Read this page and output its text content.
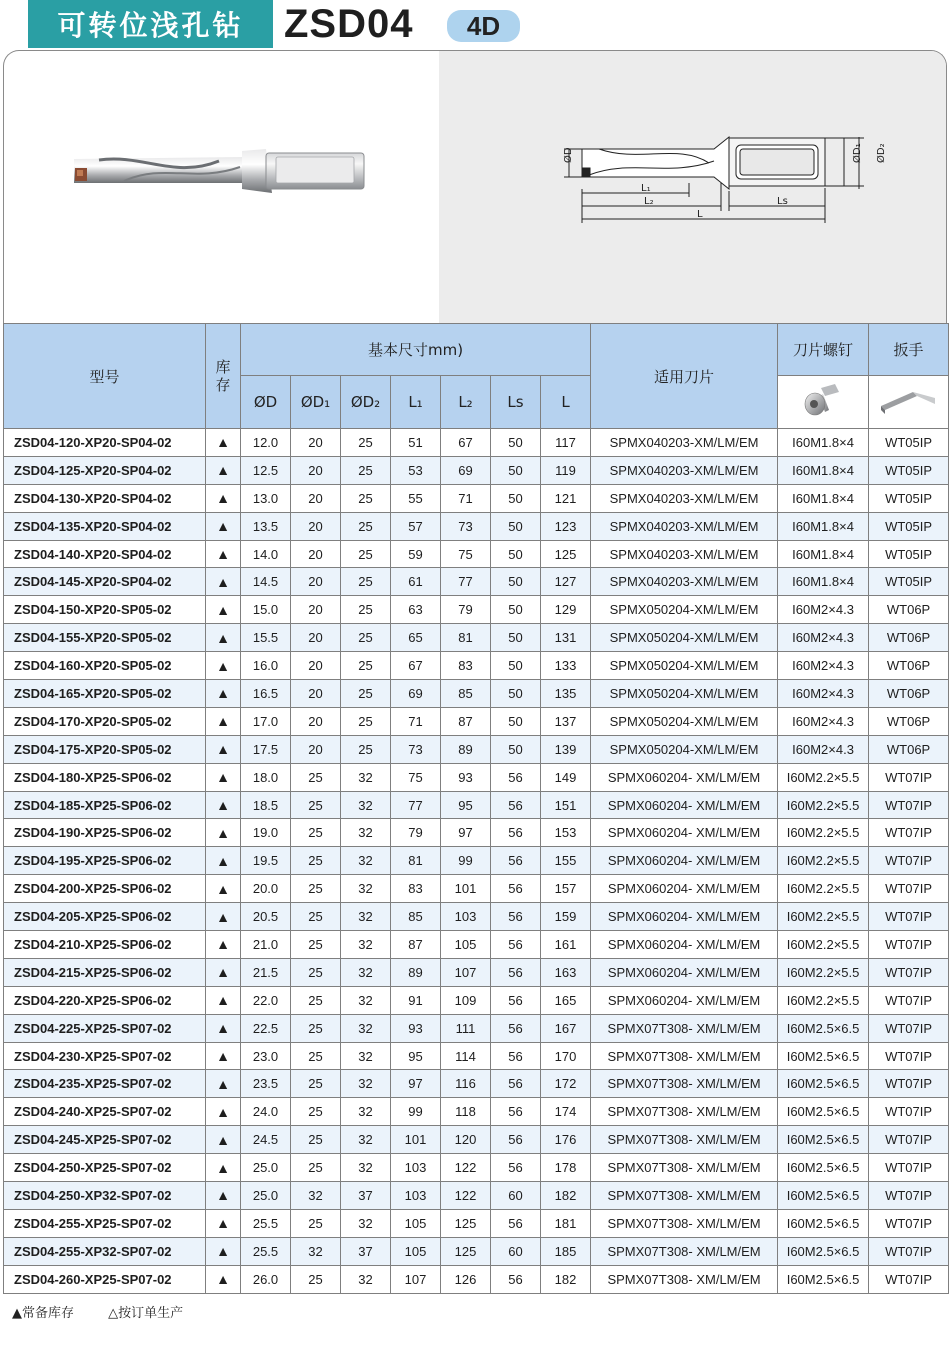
可转位浅孔钻	ZSD04	4D
ØD
L₁
L₂	Ls
L
ØD₁ ØD₂
型号	库存	基本尺寸mm)							适用刀片	刀片螺钉	扳手
		ØD	ØD₁	ØD₂	L₁	L₂	Ls	L		
ZSD04-120-XP20-SP04-02	▲	12.0	20	25	51	67	50	117	SPMX040203-XM/LM/EM	I60M1.8×4	WT05IP
ZSD04-125-XP20-SP04-02	▲	12.5	20	25	53	69	50	119	SPMX040203-XM/LM/EM	I60M1.8×4	WT05IP
ZSD04-130-XP20-SP04-02	▲	13.0	20	25	55	71	50	121	SPMX040203-XM/LM/EM	I60M1.8×4	WT05IP
ZSD04-135-XP20-SP04-02	▲	13.5	20	25	57	73	50	123	SPMX040203-XM/LM/EM	I60M1.8×4	WT05IP
ZSD04-140-XP20-SP04-02	▲	14.0	20	25	59	75	50	125	SPMX040203-XM/LM/EM	I60M1.8×4	WT05IP
ZSD04-145-XP20-SP04-02	▲	14.5	20	25	61	77	50	127	SPMX040203-XM/LM/EM	I60M1.8×4	WT05IP
ZSD04-150-XP20-SP05-02	▲	15.0	20	25	63	79	50	129	SPMX050204-XM/LM/EM	I60M2×4.3	WT06P
ZSD04-155-XP20-SP05-02	▲	15.5	20	25	65	81	50	131	SPMX050204-XM/LM/EM	I60M2×4.3	WT06P
ZSD04-160-XP20-SP05-02	▲	16.0	20	25	67	83	50	133	SPMX050204-XM/LM/EM	I60M2×4.3	WT06P
ZSD04-165-XP20-SP05-02	▲	16.5	20	25	69	85	50	135	SPMX050204-XM/LM/EM	I60M2×4.3	WT06P
ZSD04-170-XP20-SP05-02	▲	17.0	20	25	71	87	50	137	SPMX050204-XM/LM/EM	I60M2×4.3	WT06P
ZSD04-175-XP20-SP05-02	▲	17.5	20	25	73	89	50	139	SPMX050204-XM/LM/EM	I60M2×4.3	WT06P
ZSD04-180-XP25-SP06-02	▲	18.0	25	32	75	93	56	149	SPMX060204- XM/LM/EM	I60M2.2×5.5	WT07IP
ZSD04-185-XP25-SP06-02	▲	18.5	25	32	77	95	56	151	SPMX060204- XM/LM/EM	I60M2.2×5.5	WT07IP
ZSD04-190-XP25-SP06-02	▲	19.0	25	32	79	97	56	153	SPMX060204- XM/LM/EM	I60M2.2×5.5	WT07IP
ZSD04-195-XP25-SP06-02	▲	19.5	25	32	81	99	56	155	SPMX060204- XM/LM/EM	I60M2.2×5.5	WT07IP
ZSD04-200-XP25-SP06-02	▲	20.0	25	32	83	101	56	157	SPMX060204- XM/LM/EM	I60M2.2×5.5	WT07IP
ZSD04-205-XP25-SP06-02	▲	20.5	25	32	85	103	56	159	SPMX060204- XM/LM/EM	I60M2.2×5.5	WT07IP
ZSD04-210-XP25-SP06-02	▲	21.0	25	32	87	105	56	161	SPMX060204- XM/LM/EM	I60M2.2×5.5	WT07IP
ZSD04-215-XP25-SP06-02	▲	21.5	25	32	89	107	56	163	SPMX060204- XM/LM/EM	I60M2.2×5.5	WT07IP
ZSD04-220-XP25-SP06-02	▲	22.0	25	32	91	109	56	165	SPMX060204- XM/LM/EM	I60M2.2×5.5	WT07IP
ZSD04-225-XP25-SP07-02	▲	22.5	25	32	93	111	56	167	SPMX07T308- XM/LM/EM	I60M2.5×6.5	WT07IP
ZSD04-230-XP25-SP07-02	▲	23.0	25	32	95	114	56	170	SPMX07T308- XM/LM/EM	I60M2.5×6.5	WT07IP
ZSD04-235-XP25-SP07-02	▲	23.5	25	32	97	116	56	172	SPMX07T308- XM/LM/EM	I60M2.5×6.5	WT07IP
ZSD04-240-XP25-SP07-02	▲	24.0	25	32	99	118	56	174	SPMX07T308- XM/LM/EM	I60M2.5×6.5	WT07IP
ZSD04-245-XP25-SP07-02	▲	24.5	25	32	101	120	56	176	SPMX07T308- XM/LM/EM	I60M2.5×6.5	WT07IP
ZSD04-250-XP25-SP07-02	▲	25.0	25	32	103	122	56	178	SPMX07T308- XM/LM/EM	I60M2.5×6.5	WT07IP
ZSD04-250-XP32-SP07-02	▲	25.0	32	37	103	122	60	182	SPMX07T308- XM/LM/EM	I60M2.5×6.5	WT07IP
ZSD04-255-XP25-SP07-02	▲	25.5	25	32	105	125	56	181	SPMX07T308- XM/LM/EM	I60M2.5×6.5	WT07IP
ZSD04-255-XP32-SP07-02	▲	25.5	32	37	105	125	60	185	SPMX07T308- XM/LM/EM	I60M2.5×6.5	WT07IP
ZSD04-260-XP25-SP07-02	▲	26.0	25	32	107	126	56	182	SPMX07T308- XM/LM/EM	I60M2.5×6.5	WT07IP
▲常备库存	△按订单生产
